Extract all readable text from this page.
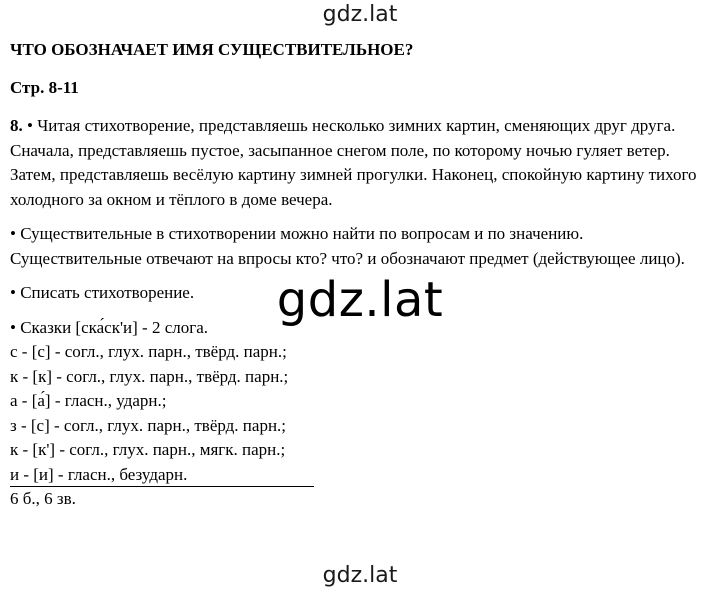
gdz.lat

ЧТО ОБОЗНАЧАЕТ ИМЯ СУЩЕСТВИТЕЛЬНОЕ?

Стр. 8-11

8. • Читая стихотворение, представляешь несколько зимних картин, сменяющих друг друга. Сначала, представляешь пустое, засыпанное снегом поле, по которому ночью гуляет ветер. Затем, представляешь весёлую картину зимней прогулки. Наконец, спокойную картину тихого холодного за окном и тёплого в доме вечера.

• Существительные в стихотворении можно найти по вопросам и по значению. Существительные отвечают на впросы кто? что? и обозначают предмет (действующее лицо).

• Списать стихотворение.

• Сказки [ска́ск'и] - 2 слога.
с - [с] - согл., глух. парн., твёрд. парн.;
к - [к] - согл., глух. парн., твёрд. парн.;
а - [а́] - гласн., ударн.;
з - [с] - согл., глух. парн., твёрд. парн.;
к - [к'] - согл., глух. парн., мягк. парн.;
и - [и] - гласн., безударн.
6 б., 6 зв.
gdz.lat
gdz.lat
